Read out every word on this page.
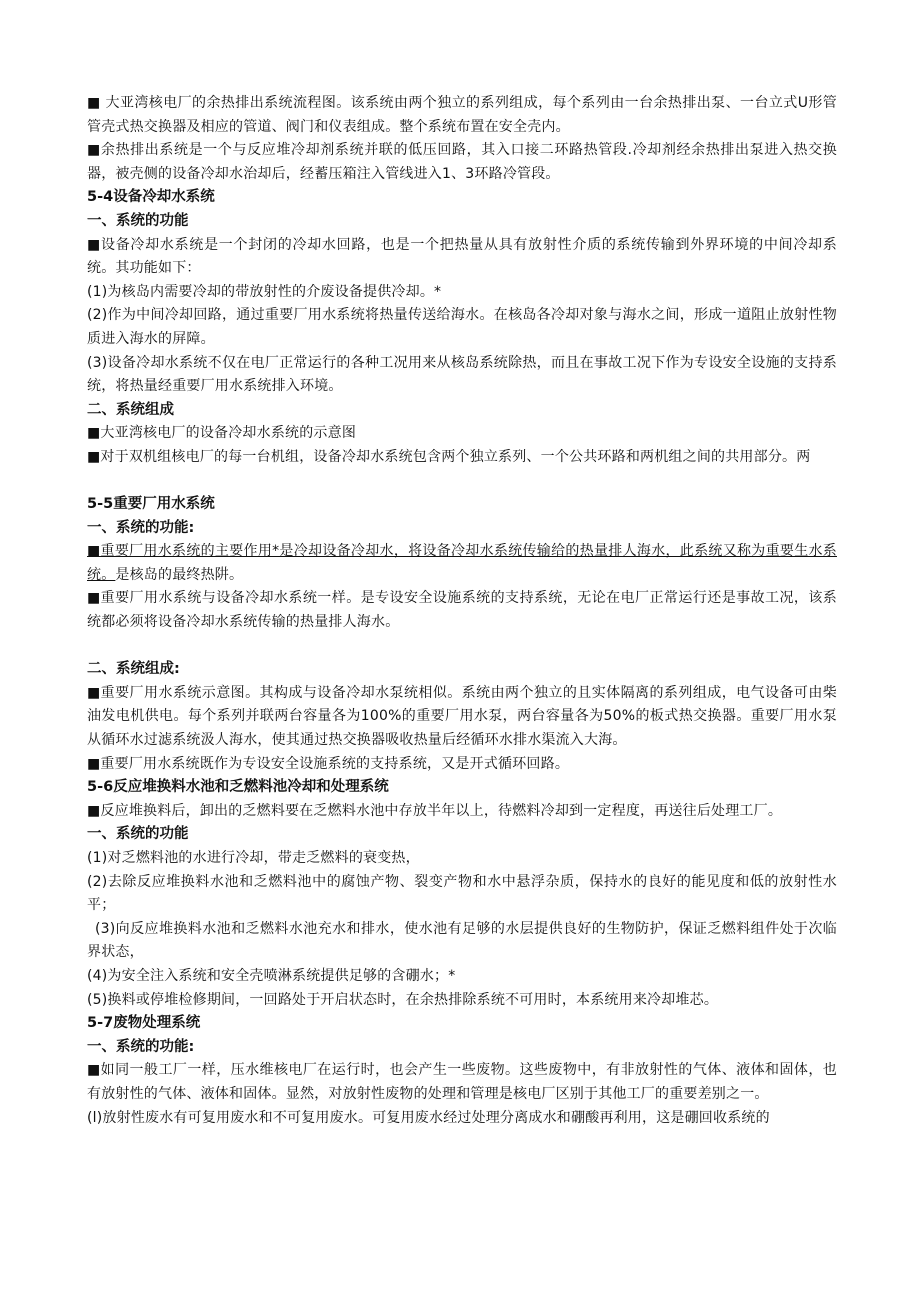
■ 大亚湾核电厂的余热排出系统流程图。该系统由两个独立的系列组成，每个系列由一台余热排出泵、一台立式U形管管壳式热交换器及相应的管道、阀门和仪表组成。整个系统布置在安全壳内。

■余热排出系统是一个与反应堆冷却剂系统并联的低压回路，其入口接二环路热管段.冷却剂经余热排出泵进入热交换器，被壳侧的设备冷却水治却后，经蓄压箱注入管线进入1、3环路冷管段。

5-4设备冷却水系统

一、系统的功能

■设备冷却水系统是一个封闭的冷却水回路，也是一个把热量从具有放射性介质的系统传输到外界环境的中间冷却系统。其功能如下：

(1)为核岛内需要冷却的带放射性的介废设备提供冷却。*

(2)作为中间冷却回路，通过重要厂用水系统将热量传送给海水。在核岛各冷却对象与海水之间，形成一道阻止放射性物质进入海水的屏障。

(3)设备冷却水系统不仅在电厂正常运行的各种工况用来从核岛系统除热，而且在事故工况下作为专设安全设施的支持系统，将热量经重要厂用水系统排入环境。

二、系统组成

■大亚湾核电厂的设备冷却水系统的示意图

■对于双机组核电厂的每一台机组，设备冷却水系统包含两个独立系列、一个公共环路和两机组之间的共用部分。两

5-5重要厂用水系统

一、系统的功能:

■重要厂用水系统的主要作用*是冷却设备冷却水，将设备冷却水系统传输给的热量排人海水，此系统又称为重要生水系统。是核岛的最终热阱。

■重要厂用水系统与设备冷却水系统一样。是专设安全设施系统的支持系统，无论在电厂正常运行还是事故工况，该系统都必须将设备冷却水系统传输的热量排人海水。

二、系统组成:

■重要厂用水系统示意图。其构成与设备冷却水泵统相似。系统由两个独立的且实体隔离的系列组成，电气设备可由柴油发电机供电。每个系列并联两台容量各为100%的重要厂用水泵，两台容量各为50%的板式热交换器。重要厂用水泵从循环水过滤系统汲人海水，使其通过热交换器吸收热量后经循环水排水渠流入大海。

■重要厂用水系统既作为专设安全设施系统的支持系统，又是开式循环回路。

5-6反应堆换料水池和乏燃料池冷却和处理系统

■反应堆换料后，卸出的乏燃料要在乏燃料水池中存放半年以上，待燃料冷却到一定程度，再送往后处理工厂。

一、系统的功能

(1)对乏燃料池的水进行冷却，带走乏燃料的衰变热，

(2)去除反应堆换料水池和乏燃料池中的腐蚀产物、裂变产物和水中悬浮杂质，保持水的良好的能见度和低的放射性水平；

(3)向反应堆换料水池和乏燃料水池充水和排水，使水池有足够的水层提供良好的生物防护，保证乏燃料组件处于次临界状态，

(4)为安全注入系统和安全壳喷淋系统提供足够的含硼水；*

(5)换料或停堆检修期间，一回路处于开启状态时，在余热排除系统不可用时，本系统用来冷却堆芯。

5-7废物处理系统

一、系统的功能:

■如同一般工厂一样，压水维核电厂在运行时，也会产生一些废物。这些废物中，有非放射性的气体、液体和固体，也有放射性的气体、液体和固体。显然，对放射性废物的处理和管理是核电厂区别于其他工厂的重要差别之一。

(l)放射性废水有可复用废水和不可复用废水。可复用废水经过处理分离成水和硼酸再利用，这是硼回收系统的
